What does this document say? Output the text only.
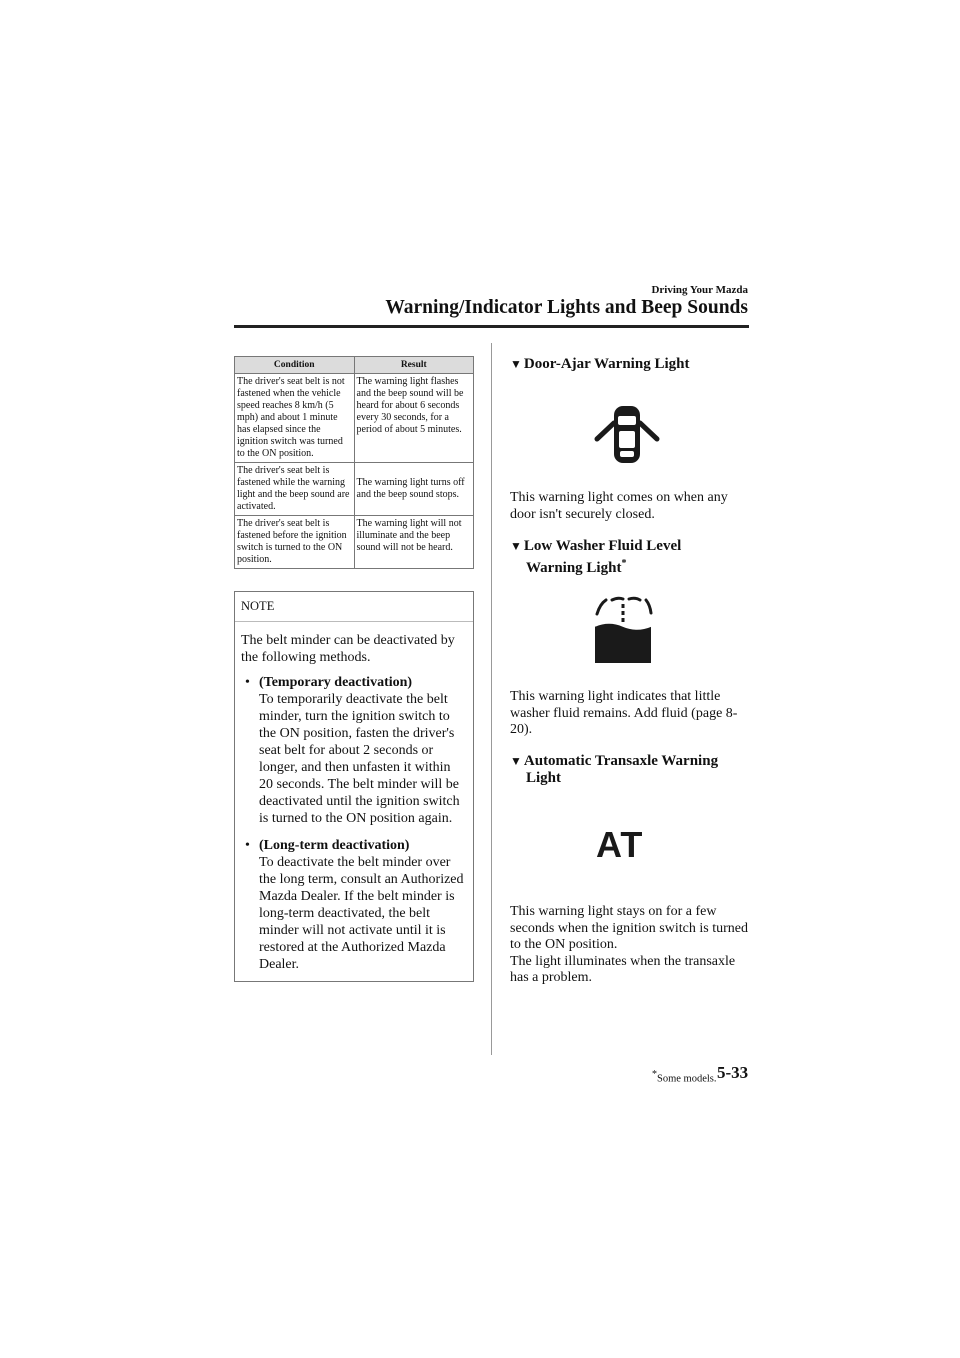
Driving Your Mazda
Warning/Indicator Lights and Beep Sounds
Condition	Result
The driver's seat belt is not fastened when the vehicle speed reaches 8 km/h (5 mph) and about 1 minute has elapsed since the ignition switch was turned to the ON position.	The warning light flashes and the beep sound will be heard for about 6 seconds every 30 seconds, for a period of about 5 minutes.
The driver's seat belt is fastened while the warning light and the beep sound are activated.	The warning light turns off and the beep sound stops.
The driver's seat belt is fastened before the ignition switch is turned to the ON position.	The warning light will not illuminate and the beep sound will not be heard.
NOTE

The belt minder can be deactivated by the following methods.

• (Temporary deactivation)
To temporarily deactivate the belt minder, turn the ignition switch to the ON position, fasten the driver's seat belt for about 2 seconds or longer, and then unfasten it within 20 seconds. The belt minder will be deactivated until the ignition switch is turned to the ON position again.
• (Long-term deactivation)
To deactivate the belt minder over the long term, consult an Authorized Mazda Dealer. If the belt minder is long-term deactivated, the belt minder will not activate until it is restored at the Authorized Mazda Dealer.
▼ Door-Ajar Warning Light
This warning light comes on when any door isn't securely closed.
▼ Low Washer Fluid Level
Warning Light*
This warning light indicates that little washer fluid remains. Add fluid (page 8-20).
▼ Automatic Transaxle Warning
Light
AT
This warning light stays on for a few seconds when the ignition switch is turned to the ON position.
The light illuminates when the transaxle has a problem.
*Some models. 5-33
